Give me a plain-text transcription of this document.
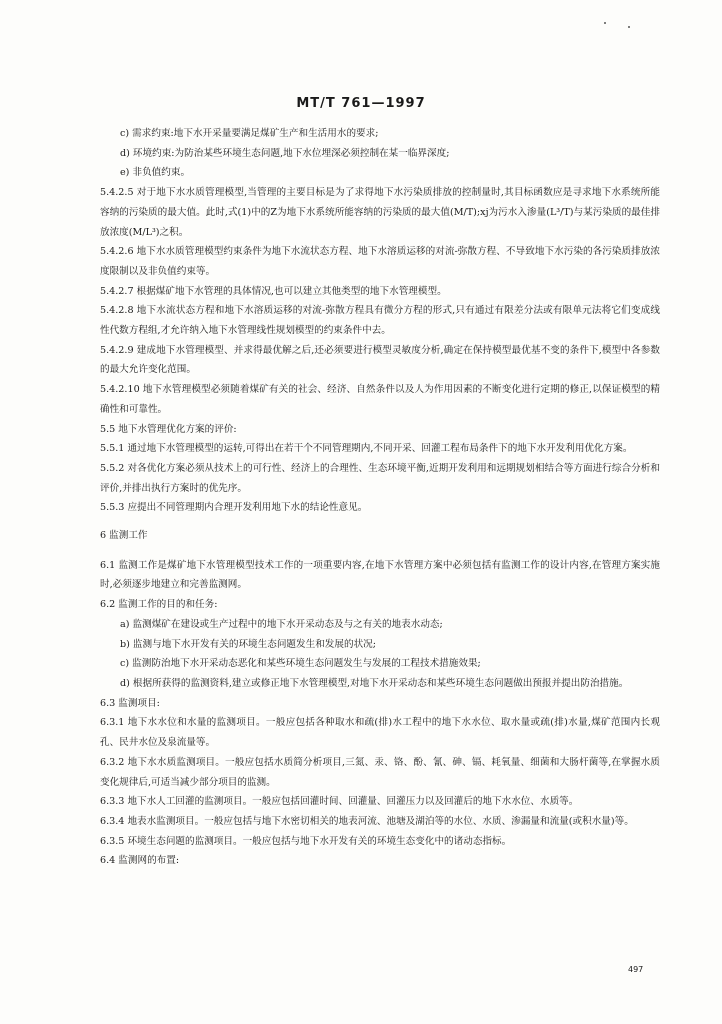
MT/T 761—1997

c) 需求约束:地下水开采量要满足煤矿生产和生活用水的要求;

d) 环境约束:为防治某些环境生态问题,地下水位埋深必须控制在某一临界深度;

e) 非负值约束。

5.4.2.5 对于地下水水质管理模型,当管理的主要目标是为了求得地下水污染质排放的控制量时,其目标函数应是寻求地下水系统所能容纳的污染质的最大值。此时,式(1)中的Z为地下水系统所能容纳的污染质的最大值(M/T);xj为污水入渗量(L³/T)与某污染质的最佳排放浓度(M/L³)之积。

5.4.2.6 地下水水质管理模型约束条件为地下水流状态方程、地下水溶质运移的对流-弥散方程、不导致地下水污染的各污染质排放浓度限制以及非负值约束等。

5.4.2.7 根据煤矿地下水管理的具体情况,也可以建立其他类型的地下水管理模型。

5.4.2.8 地下水流状态方程和地下水溶质运移的对流-弥散方程具有微分方程的形式,只有通过有限差分法或有限单元法将它们变成线性代数方程组,才允许纳入地下水管理线性规划模型的约束条件中去。

5.4.2.9 建成地下水管理模型、并求得最优解之后,还必须要进行模型灵敏度分析,确定在保持模型最优基不变的条件下,模型中各参数的最大允许变化范围。

5.4.2.10 地下水管理模型必须随着煤矿有关的社会、经济、自然条件以及人为作用因素的不断变化进行定期的修正,以保证模型的精确性和可靠性。

5.5 地下水管理优化方案的评价:

5.5.1 通过地下水管理模型的运转,可得出在若干个不同管理期内,不同开采、回灌工程布局条件下的地下水开发利用优化方案。

5.5.2 对各优化方案必须从技术上的可行性、经济上的合理性、生态环境平衡,近期开发利用和远期规划相结合等方面进行综合分析和评价,并排出执行方案时的优先序。

5.5.3 应提出不同管理期内合理开发利用地下水的结论性意见。

6 监测工作

6.1 监测工作是煤矿地下水管理模型技术工作的一项重要内容,在地下水管理方案中必须包括有监测工作的设计内容,在管理方案实施时,必须逐步地建立和完善监测网。

6.2 监测工作的目的和任务:

a) 监测煤矿在建设或生产过程中的地下水开采动态及与之有关的地表水动态;

b) 监测与地下水开发有关的环境生态问题发生和发展的状况;

c) 监测防治地下水开采动态恶化和某些环境生态问题发生与发展的工程技术措施效果;

d) 根据所获得的监测资料,建立或修正地下水管理模型,对地下水开采动态和某些环境生态问题做出预报并提出防治措施。

6.3 监测项目:

6.3.1 地下水水位和水量的监测项目。一般应包括各种取水和疏(排)水工程中的地下水水位、取水量或疏(排)水量,煤矿范围内长观孔、民井水位及泉流量等。

6.3.2 地下水水质监测项目。一般应包括水质简分析项目,三氮、汞、铬、酚、氰、砷、镉、耗氧量、细菌和大肠杆菌等,在掌握水质变化规律后,可适当减少部分项目的监测。

6.3.3 地下水人工回灌的监测项目。一般应包括回灌时间、回灌量、回灌压力以及回灌后的地下水水位、水质等。

6.3.4 地表水监测项目。一般应包括与地下水密切相关的地表河流、池塘及湖泊等的水位、水质、渗漏量和流量(或积水量)等。

6.3.5 环境生态问题的监测项目。一般应包括与地下水开发有关的环境生态变化中的诸动态指标。

6.4 监测网的布置:

497
